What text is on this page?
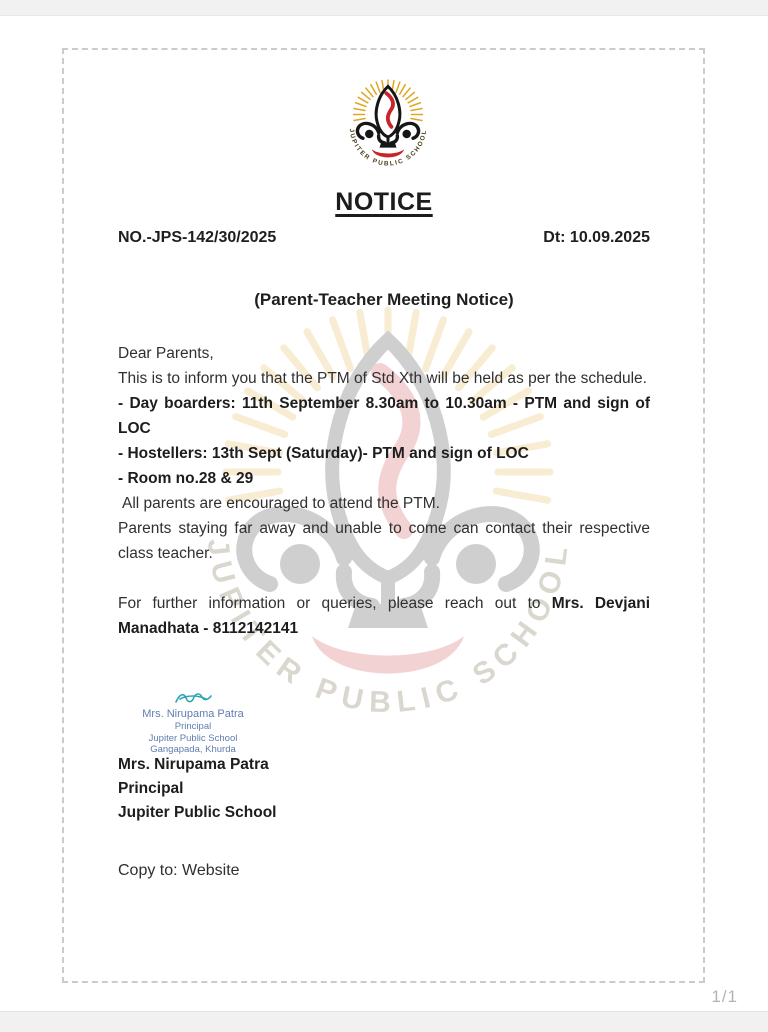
1/1
NOTICE
NO.-JPS-142/30/2025	Dt: 10.09.2025
(Parent-Teacher Meeting Notice)

Dear Parents,

This is to inform you that the PTM of Std Xth will be held as per the schedule.

- Day boarders: 11th September 8.30am to 10.30am - PTM and sign of LOC

- Hostellers: 13th Sept (Saturday)- PTM and sign of LOC

- Room no.28 & 29

All parents are encouraged to attend the PTM.

Parents staying far away and unable to come can contact their respective class teacher.

For further information or queries, please reach out to Mrs. Devjani Manadhata - 8112142141

Mrs. Nirupama Patra
Principal
Jupiter Public School
Gangapada, Khurda
Mrs. Nirupama Patra
Principal
Jupiter Public School
Copy to: Website
